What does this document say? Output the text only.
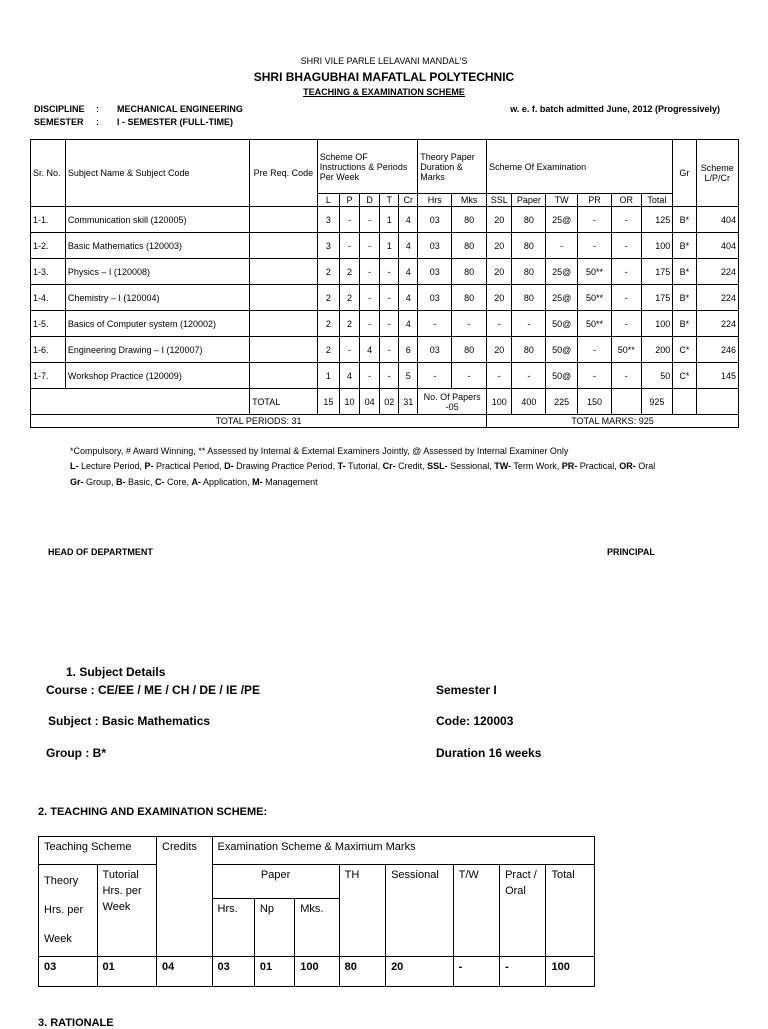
SHRI VILE PARLE LELAVANI MANDAL'S
SHRI BHAGUBHAI MAFATLAL POLYTECHNIC
TEACHING & EXAMINATION SCHEME
DISCIPLINE : MECHANICAL ENGINEERING
SEMESTER : I - SEMESTER (FULL-TIME)
w. e. f. batch admitted June, 2012 (Progressively)
Sr. No.	Subject Name & Subject Code	Pre Req. Code	Scheme OF Instructions & Periods Per Week					Theory Paper Duration & Marks		Scheme Of Examination						Gr	Scheme L/P/Cr
			L	P	D	T	Cr	Hrs	Mks	SSL	Paper	TW	PR	OR	Total		
1-1.	Communication skill (120005)		3	-	-	1	4	03	80	20	80	25@	-	-	125	B*	404
1-2.	Basic Mathematics (120003)		3	-	-	1	4	03	80	20	80	-	-	-	100	B*	404
1-3.	Physics – I (120008)		2	2	-	-	4	03	80	20	80	25@	50**	-	175	B*	224
1-4.	Chemistry – I (120004)		2	2	-	-	4	03	80	20	80	25@	50**	-	175	B*	224
1-5.	Basics of Computer system (120002)		2	2	-	-	4	-	-	-	-	50@	50**	-	100	B*	224
1-6.	Engineering Drawing – I (120007)		2	-	4	-	6	03	80	20	80	50@	-	50**	200	C*	246
1-7.	Workshop Practice (120009)		1	4	-	-	5	-	-	-	-	50@	-	-	50	C*	145
		TOTAL	15	10	04	02	31	No. Of Papers -05		100	400	225	150		925		
TOTAL PERIODS: 31										TOTAL MARKS: 925							
*Compulsory, # Award Winning, ** Assessed by Internal & External Examiners Jointly, @ Assessed by Internal Examiner Only
L- Lecture Period, P- Practical Period, D- Drawing Practice Period, T- Tutorial, Cr- Credit, SSL- Sessional, TW- Term Work, PR- Practical, OR- Oral
Gr- Group, B- Basic, C- Core, A- Application, M- Management
HEAD OF DEPARTMENT	PRINCIPAL
1. Subject Details
Course : CE/EE / ME / CH / DE / IE /PE	Semester I
Subject : Basic Mathematics	Code: 120003
Group : B*	Duration 16 weeks
2. TEACHING AND EXAMINATION SCHEME:
Teaching Scheme		Credits	Examination Scheme & Maximum Marks							
Theory Hrs. per Week	Tutorial Hrs. per Week		Paper			TH	Sessional	T/W	Pract / Oral	Total
			Hrs.	Np	Mks.					
03	01	04	03	01	100	80	20	-	-	100
3. RATIONALE
